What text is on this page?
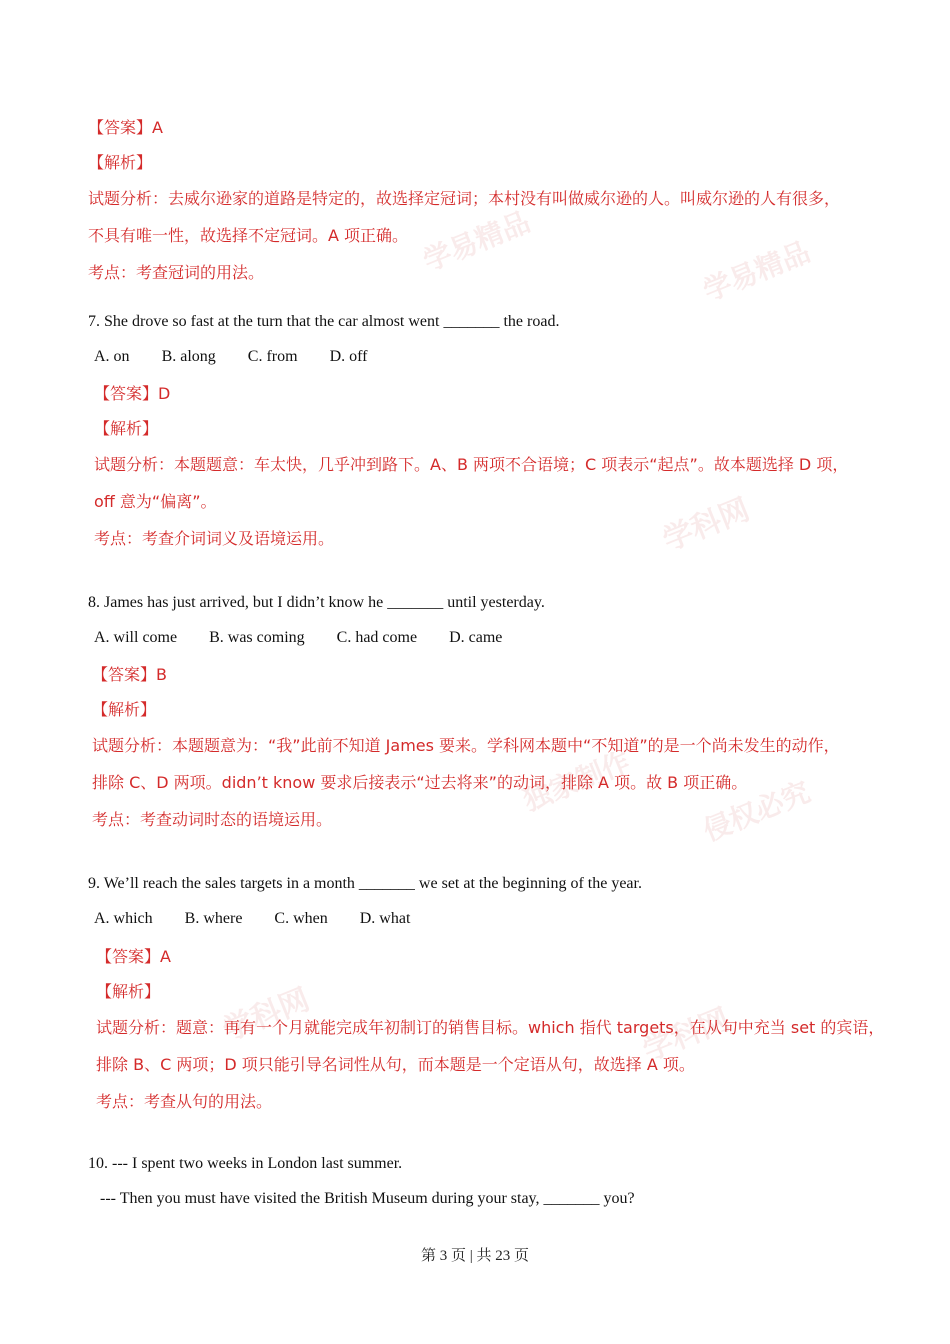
学易精品	学易精品
学科网
独家制作 侵权必究
学科网	学科网
【答案】A
【解析】
试题分析：去威尔逊家的道路是特定的，故选择定冠词；本村没有叫做威尔逊的人。叫威尔逊的人有很多，
不具有唯一性，故选择不定冠词。A 项正确。
考点：考查冠词的用法。
7. She drove so fast at the turn that the car almost went _______ the road.
A. on B. along C. from D. off
【答案】D
【解析】
试题分析：本题题意：车太快，几乎冲到路下。A、B 两项不合语境；C 项表示“起点”。故本题选择 D 项，
off 意为“偏离”。
考点：考查介词词义及语境运用。
8. James has just arrived, but I didn’t know he _______ until yesterday.
A. will come B. was coming C. had come D. came
【答案】B
【解析】
试题分析：本题题意为：“我”此前不知道 James 要来。学科网本题中“不知道”的是一个尚未发生的动作，
排除 C、D 两项。didn’t know 要求后接表示“过去将来”的动词，排除 A 项。故 B 项正确。
考点：考查动词时态的语境运用。
9. We’ll reach the sales targets in a month _______ we set at the beginning of the year.
A. which B. where C. when D. what
【答案】A
【解析】
试题分析：题意：再有一个月就能完成年初制订的销售目标。which 指代 targets，在从句中充当 set 的宾语，
排除 B、C 两项；D 项只能引导名词性从句，而本题是一个定语从句，故选择 A 项。
考点：考查从句的用法。
10. --- I spent two weeks in London last summer.
--- Then you must have visited the British Museum during your stay, _______ you?
第 3 页 | 共 23 页
